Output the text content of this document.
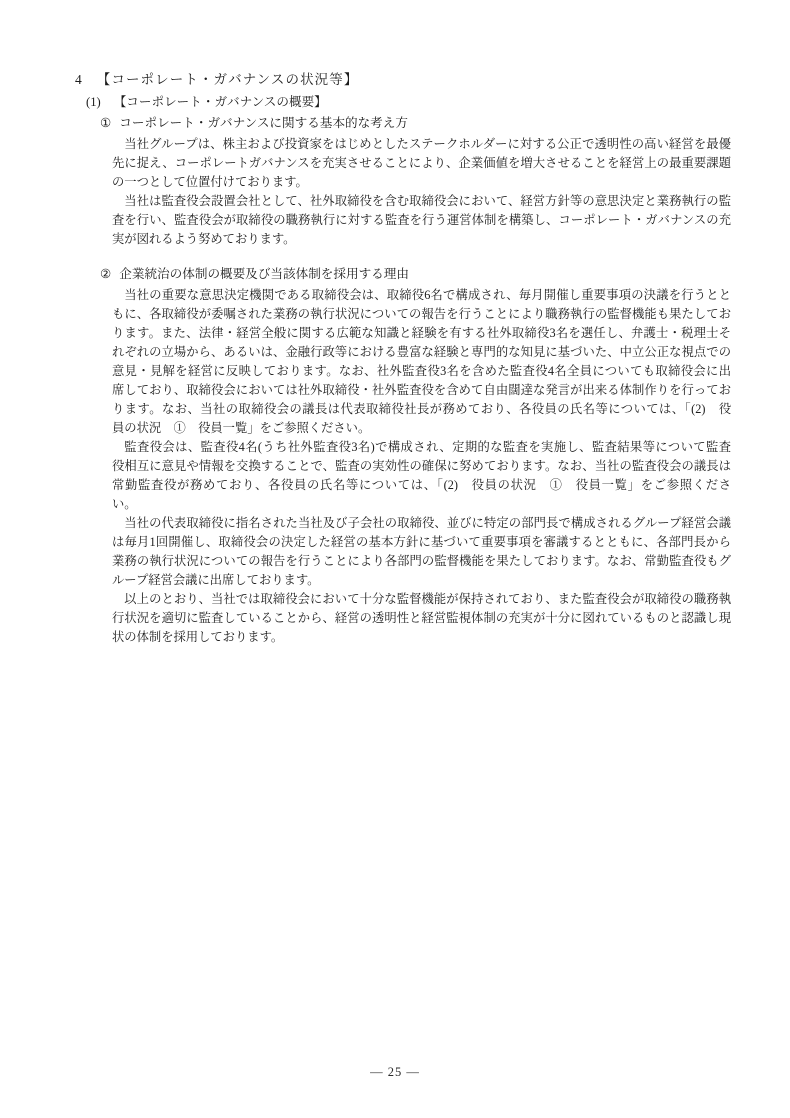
4 【コーポレート・ガバナンスの状況等】
(1) 【コーポレート・ガバナンスの概要】
① コーポレート・ガバナンスに関する基本的な考え方
当社グループは、株主および投資家をはじめとしたステークホルダーに対する公正で透明性の高い経営を最優
先に捉え、コーポレートガバナンスを充実させることにより、企業価値を増大させることを経営上の最重要課題
の一つとして位置付けております。
当社は監査役会設置会社として、社外取締役を含む取締役会において、経営方針等の意思決定と業務執行の監
査を行い、監査役会が取締役の職務執行に対する監査を行う運営体制を構築し、コーポレート・ガバナンスの充
実が図れるよう努めております。
② 企業統治の体制の概要及び当該体制を採用する理由
当社の重要な意思決定機関である取締役会は、取締役6名で構成され、毎月開催し重要事項の決議を行うとと
もに、各取締役が委嘱された業務の執行状況についての報告を行うことにより職務執行の監督機能も果たしてお
ります。また、法律・経営全般に関する広範な知識と経験を有する社外取締役3名を選任し、弁護士・税理士そ
れぞれの立場から、あるいは、金融行政等における豊富な経験と専門的な知見に基づいた、中立公正な視点での
意見・見解を経営に反映しております。なお、社外監査役3名を含めた監査役4名全員についても取締役会に出
席しており、取締役会においては社外取締役・社外監査役を含めて自由闊達な発言が出来る体制作りを行ってお
ります。なお、当社の取締役会の議長は代表取締役社長が務めており、各役員の氏名等については、「(2)　役
員の状況　①　役員一覧」をご参照ください。
監査役会は、監査役4名(うち社外監査役3名)で構成され、定期的な監査を実施し、監査結果等について監査
役相互に意見や情報を交換することで、監査の実効性の確保に努めております。なお、当社の監査役会の議長は
常勤監査役が務めており、各役員の氏名等については、「(2)　役員の状況　①　役員一覧」をご参照くださ
い。
当社の代表取締役に指名された当社及び子会社の取締役、並びに特定の部門長で構成されるグループ経営会議
は毎月1回開催し、取締役会の決定した経営の基本方針に基づいて重要事項を審議するとともに、各部門長から
業務の執行状況についての報告を行うことにより各部門の監督機能を果たしております。なお、常勤監査役もグ
ループ経営会議に出席しております。
以上のとおり、当社では取締役会において十分な監督機能が保持されており、また監査役会が取締役の職務執
行状況を適切に監査していることから、経営の透明性と経営監視体制の充実が十分に図れているものと認識し現
状の体制を採用しております。
― 25 ―
